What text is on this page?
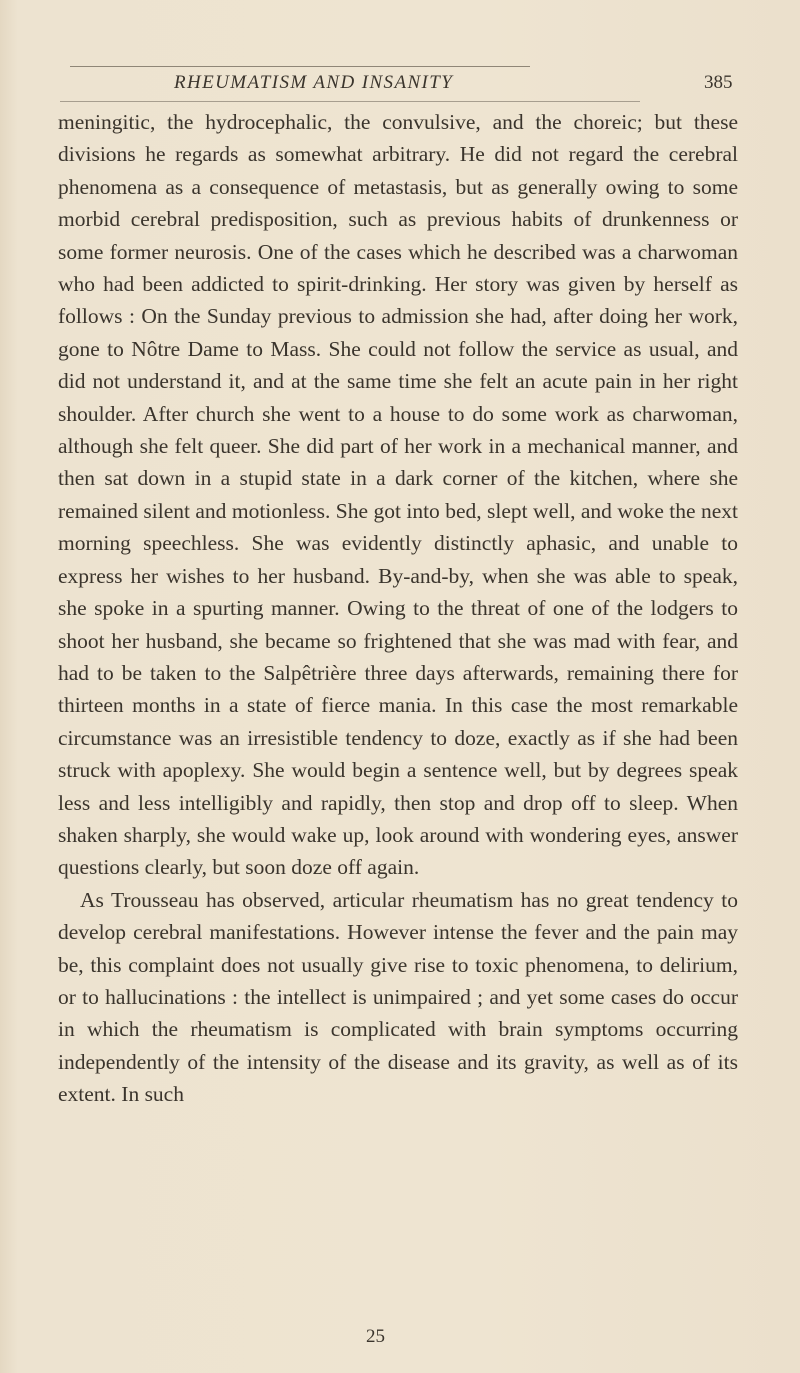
RHEUMATISM AND INSANITY	385

meningitic, the hydrocephalic, the convulsive, and the choreic; but these divisions he regards as somewhat arbitrary. He did not regard the cerebral phenomena as a consequence of metastasis, but as generally owing to some morbid cerebral predisposition, such as previous habits of drunkenness or some former neurosis. One of the cases which he described was a charwoman who had been addicted to spirit-drinking. Her story was given by herself as follows : On the Sunday previous to admission she had, after doing her work, gone to Nôtre Dame to Mass. She could not follow the service as usual, and did not understand it, and at the same time she felt an acute pain in her right shoulder. After church she went to a house to do some work as charwoman, although she felt queer. She did part of her work in a mechanical manner, and then sat down in a stupid state in a dark corner of the kitchen, where she remained silent and motionless. She got into bed, slept well, and woke the next morning speechless. She was evidently distinctly aphasic, and unable to express her wishes to her husband. By-and-by, when she was able to speak, she spoke in a spurting manner. Owing to the threat of one of the lodgers to shoot her husband, she became so frightened that she was mad with fear, and had to be taken to the Salpêtrière three days afterwards, remaining there for thirteen months in a state of fierce mania. In this case the most remarkable circumstance was an irresistible tendency to doze, exactly as if she had been struck with apoplexy. She would begin a sentence well, but by degrees speak less and less intelligibly and rapidly, then stop and drop off to sleep. When shaken sharply, she would wake up, look around with wondering eyes, answer questions clearly, but soon doze off again.

As Trousseau has observed, articular rheumatism has no great tendency to develop cerebral manifestations. However intense the fever and the pain may be, this complaint does not usually give rise to toxic phenomena, to delirium, or to hallucinations : the intellect is unimpaired ; and yet some cases do occur in which the rheumatism is complicated with brain symptoms occurring independently of the intensity of the disease and its gravity, as well as of its extent. In such

25
